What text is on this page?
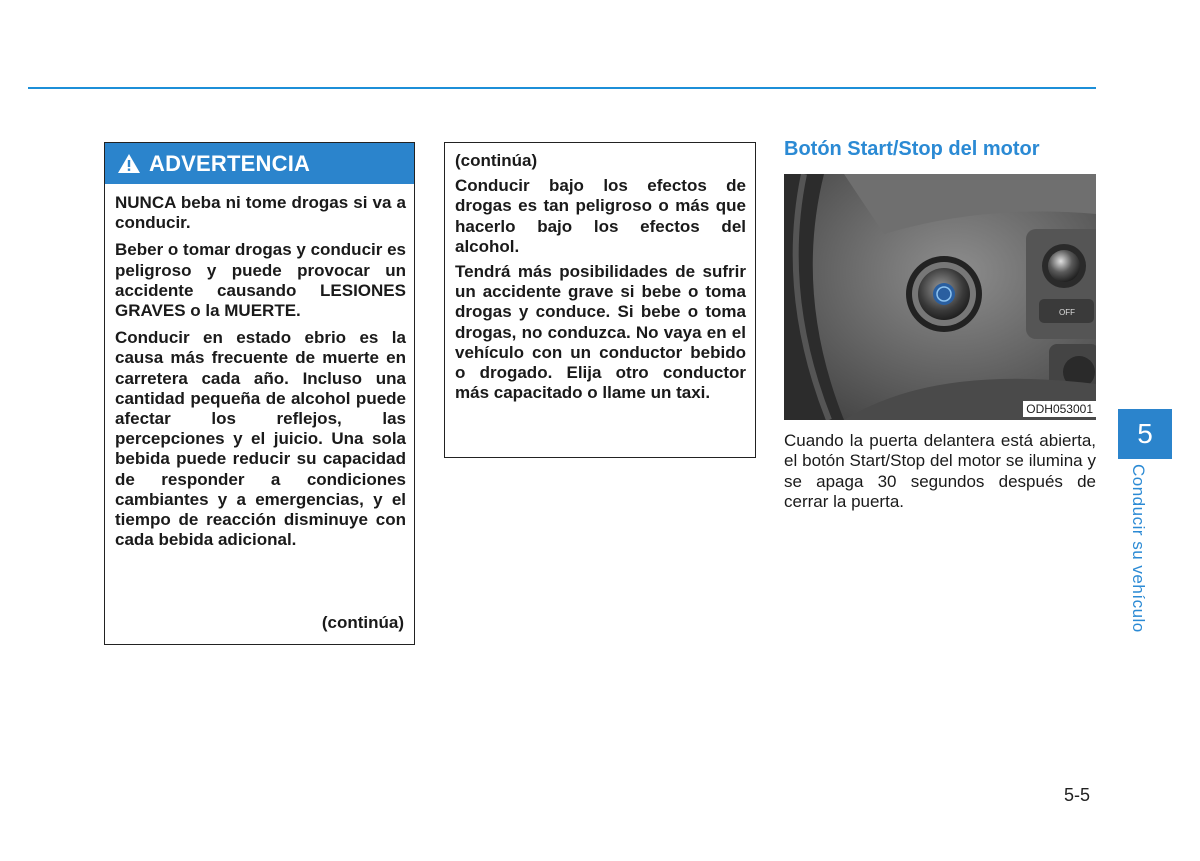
ADVERTENCIA

NUNCA beba ni tome drogas si va a conducir.

Beber o tomar drogas y conducir es peligroso y puede provocar un accidente causando LESIONES GRAVES o la MUERTE.

Conducir en estado ebrio es la causa más frecuente de muerte en carretera cada año. Incluso una cantidad pequeña de alcohol puede afectar los reflejos, las percepciones y el juicio. Una sola bebida puede reducir su capacidad de responder a condiciones cambiantes y a emergencias, y el tiempo de reacción disminuye con cada bebida adicional.

(continúa)

(continúa)

Conducir bajo los efectos de drogas es tan peligroso o más que hacerlo bajo los efectos del alcohol.

Tendrá más posibilidades de sufrir un accidente grave si bebe o toma drogas y conduce. Si bebe o toma drogas, no conduzca. No vaya en el vehículo con un conductor bebido o drogado. Elija otro conductor más capacitado o llame un taxi.

Botón Start/Stop del motor
OFF
ODH053001
Cuando la puerta delantera está abierta, el botón Start/Stop del motor se ilumina y se apaga 30 segundos después de cerrar la puerta.
5
Conducir su vehículo
5-5
